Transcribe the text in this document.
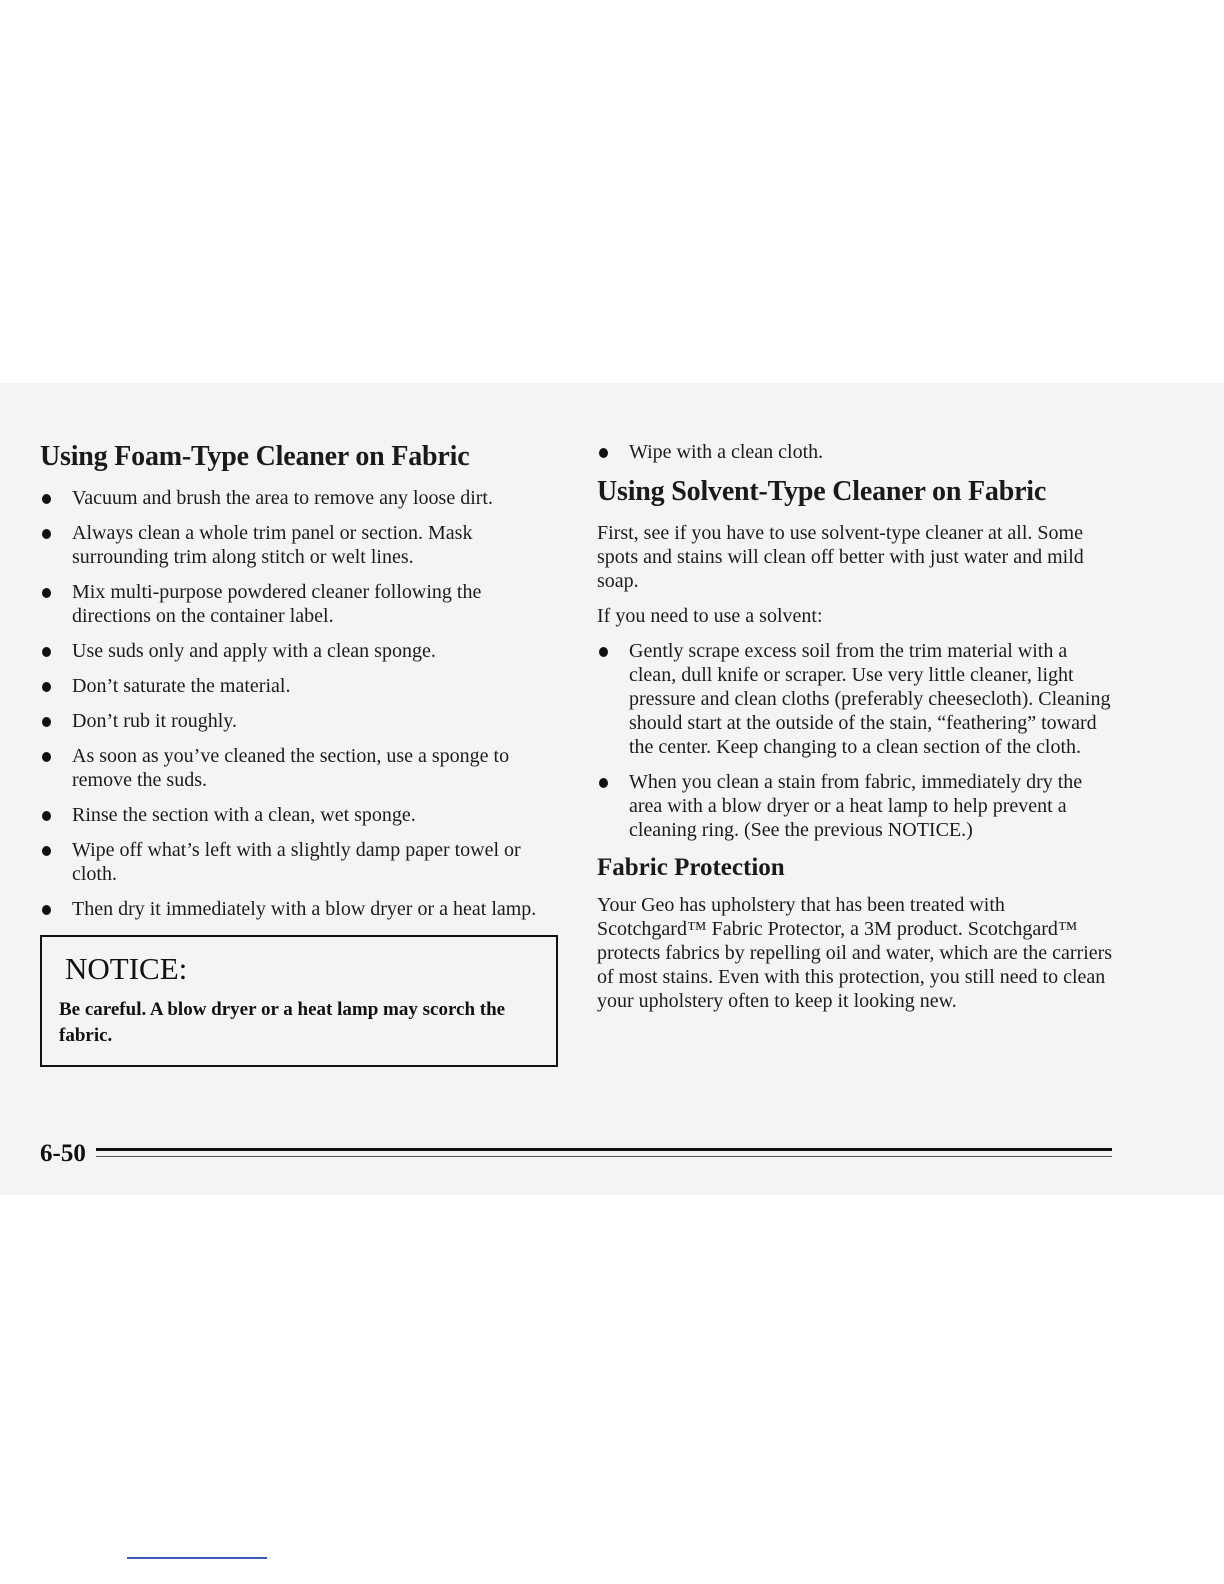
Using Foam-Type Cleaner on Fabric
Vacuum and brush the area to remove any loose dirt.
Always clean a whole trim panel or section. Mask surrounding trim along stitch or welt lines.
Mix multi-purpose powdered cleaner following the directions on the container label.
Use suds only and apply with a clean sponge.
Don’t saturate the material.
Don’t rub it roughly.
As soon as you’ve cleaned the section, use a sponge to remove the suds.
Rinse the section with a clean, wet sponge.
Wipe off what’s left with a slightly damp paper towel or cloth.
Then dry it immediately with a blow dryer or a heat lamp.
NOTICE:
Be careful. A blow dryer or a heat lamp may scorch the fabric.
Wipe with a clean cloth.
Using Solvent-Type Cleaner on Fabric

First, see if you have to use solvent-type cleaner at all. Some spots and stains will clean off better with just water and mild soap.

If you need to use a solvent:

Gently scrape excess soil from the trim material with a clean, dull knife or scraper. Use very little cleaner, light pressure and clean cloths (preferably cheesecloth). Cleaning should start at the outside of the stain, “feathering” toward the center. Keep changing to a clean section of the cloth.
When you clean a stain from fabric, immediately dry the area with a blow dryer or a heat lamp to help prevent a cleaning ring. (See the previous NOTICE.)
Fabric Protection

Your Geo has upholstery that has been treated with Scotchgard™ Fabric Protector, a 3M product. Scotchgard™ protects fabrics by repelling oil and water, which are the carriers of most stains. Even with this protection, you still need to clean your upholstery often to keep it looking new.

6-50
